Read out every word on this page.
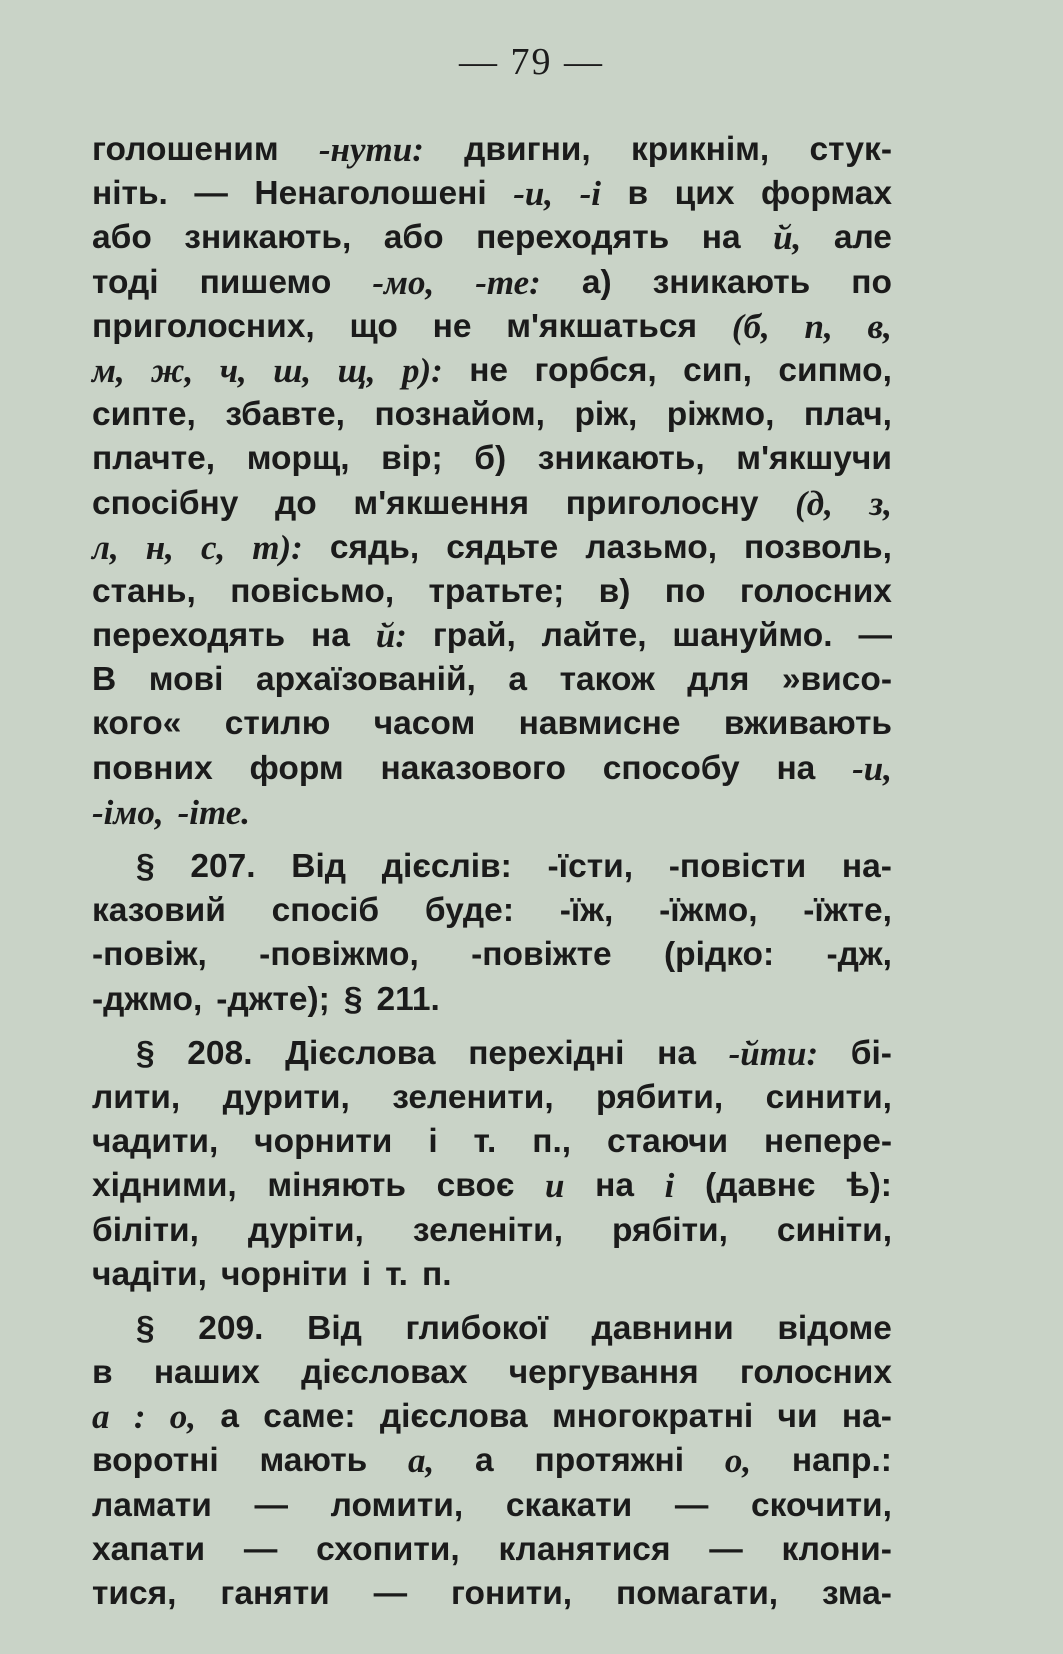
— 79 —
голошеним -нути: двигни, крикнім, стук-
ніть. — Ненаголошені -и, -і в цих формах
або зникають, або переходять на й, але
тоді пишемо -мо, -те: а) зникають по
приголосних, що не м'якшаться (б, п, в,
м, ж, ч, ш, щ, р): не горбся, сип, сипмо,
сипте, збавте, познайом, ріж, ріжмо, плач,
плачте, морщ, вір; б) зникають, м'якшучи
спосібну до м'якшення приголосну (д, з,
л, н, с, т): сядь, сядьте лазьмо, позволь,
стань, повісьмо, тратьте; в) по голосних
переходять на й: грай, лайте, шануймо. —
В мові архаїзованій, а також для »висо-
кого« стилю часом навмисне вживають
повних форм наказового способу на -и,
-імо, -іте.
§ 207. Від дієслів: -їсти, -повісти на-
казовий спосіб буде: -їж, -їжмо, -їжте,
-повіж, -повіжмо, -повіжте (рідко: -дж,
-джмо, -джте); § 211.
§ 208. Дієслова перехідні на -йти: бі-
лити, дурити, зеленити, рябити, синити,
чадити, чорнити і т. п., стаючи непере-
хідними, міняють своє и на і (давнє ѣ):
біліти, дуріти, зеленіти, рябіти, синіти,
чадіти, чорніти і т. п.
§ 209. Від глибокої давнини відоме
в наших дієсловах чергування голосних
а : о, а саме: дієслова многократні чи на-
воротні мають а, а протяжні о, напр.:
ламати — ломити, скакати — скочити,
хапати — схопити, кланятися — клони-
тися, ганяти — гонити, помагати, зма-
